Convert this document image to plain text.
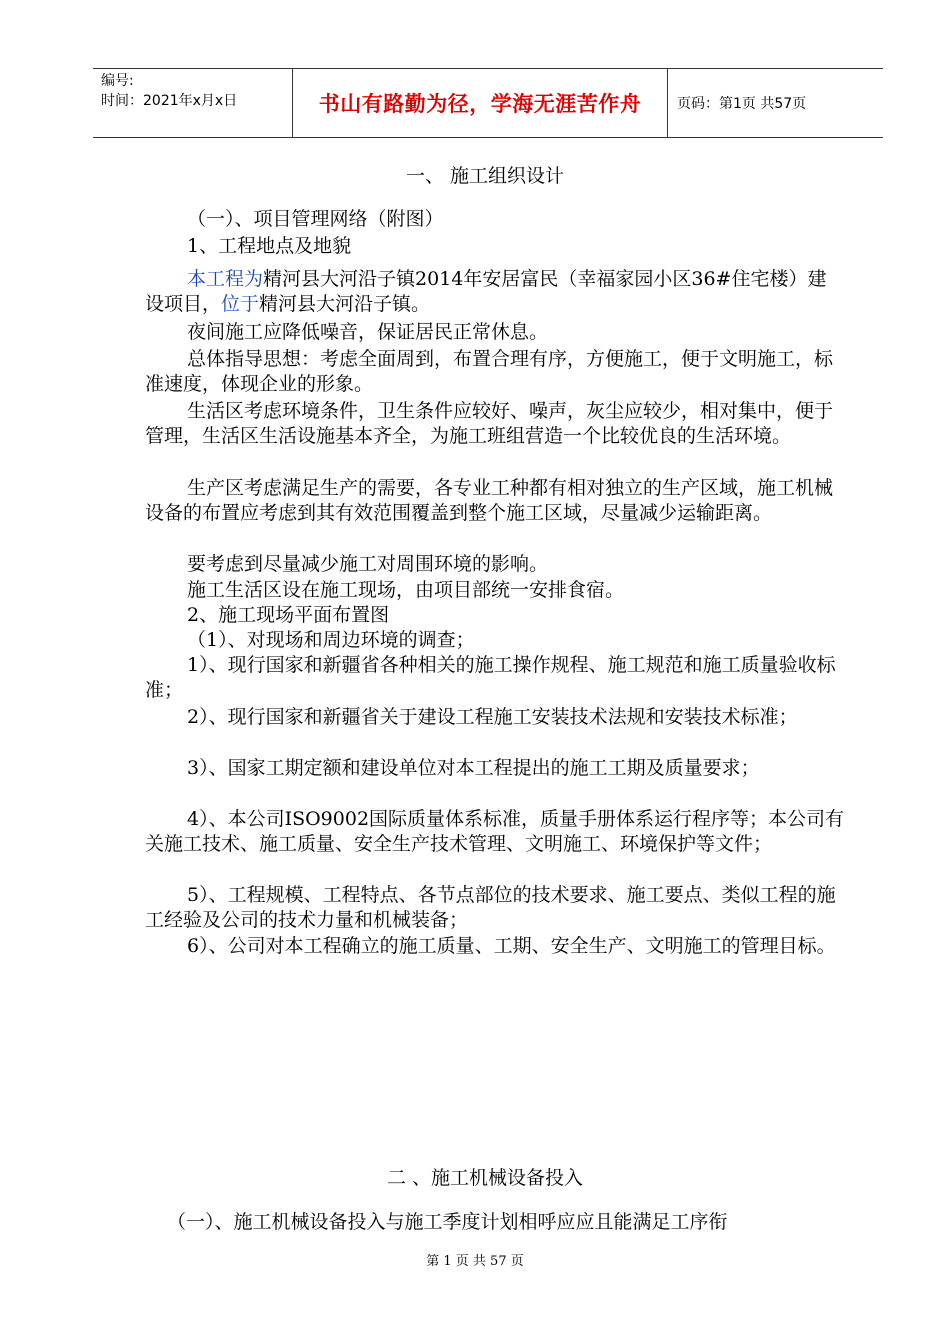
编号:
时间：2021年x月x日	书山有路勤为径，学海无涯苦作舟	页码：第1页 共57页
一、 施工组织设计
（一）、项目管理网络（附图）
1、工程地点及地貌
本工程为精河县大河沿子镇2014年安居富民（幸福家园小区36#住宅楼）建设项目，位于精河县大河沿子镇。
夜间施工应降低噪音，保证居民正常休息。
总体指导思想：考虑全面周到，布置合理有序，方便施工，便于文明施工，标准速度，体现企业的形象。
生活区考虑环境条件，卫生条件应较好、噪声，灰尘应较少，相对集中，便于管理，生活区生活设施基本齐全，为施工班组营造一个比较优良的生活环境。
生产区考虑满足生产的需要，各专业工种都有相对独立的生产区域，施工机械设备的布置应考虑到其有效范围覆盖到整个施工区域，尽量减少运输距离。
要考虑到尽量减少施工对周围环境的影响。
施工生活区设在施工现场，由项目部统一安排食宿。
2、施工现场平面布置图
（1）、对现场和周边环境的调查；
1）、现行国家和新疆省各种相关的施工操作规程、施工规范和施工质量验收标准；
2）、现行国家和新疆省关于建设工程施工安装技术法规和安装技术标准；
3）、国家工期定额和建设单位对本工程提出的施工工期及质量要求；
4）、本公司ISO9002国际质量体系标准，质量手册体系运行程序等；本公司有关施工技术、施工质量、安全生产技术管理、文明施工、环境保护等文件；
5）、工程规模、工程特点、各节点部位的技术要求、施工要点、类似工程的施工经验及公司的技术力量和机械装备；
6）、公司对本工程确立的施工质量、工期、安全生产、文明施工的管理目标。
二 、施工机械设备投入
（一）、施工机械设备投入与施工季度计划相呼应应且能满足工序衔
第 1 页 共 57 页
